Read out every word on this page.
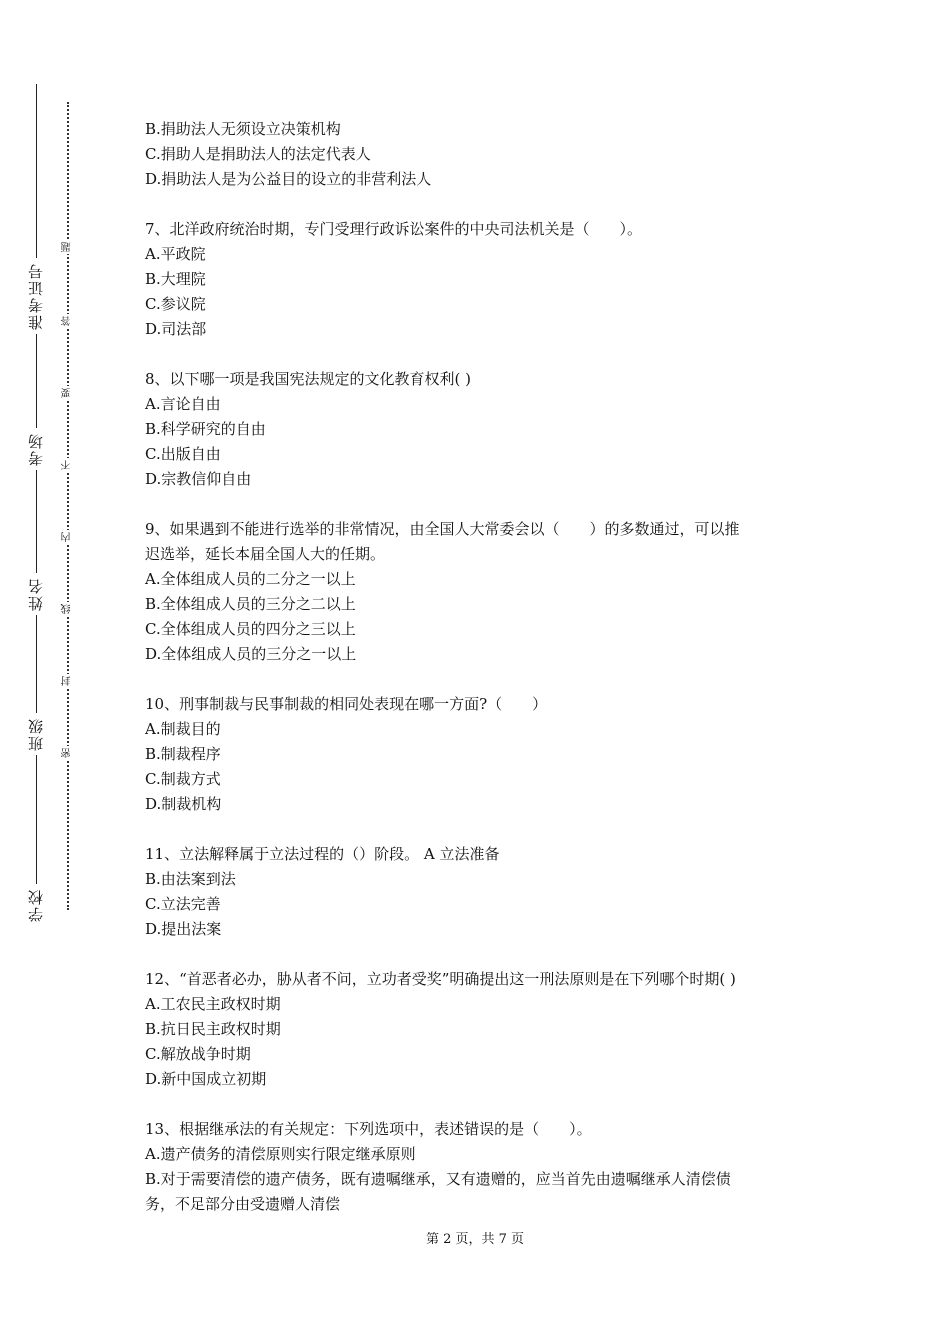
准考证号
考场
姓名
班级
学校
题
答
要
不
内
线
封
密
B.捐助法人无须设立决策机构
C.捐助人是捐助法人的法定代表人
D.捐助法人是为公益目的设立的非营利法人
7、北洋政府统治时期，专门受理行政诉讼案件的中央司法机关是（　　）。
A.平政院
B.大理院
C.参议院
D.司法部
8、以下哪一项是我国宪法规定的文化教育权利( )
A.言论自由
B.科学研究的自由
C.出版自由
D.宗教信仰自由
9、如果遇到不能进行选举的非常情况，由全国人大常委会以（　　）的多数通过，可以推
迟选举，延长本届全国人大的任期。
A.全体组成人员的二分之一以上
B.全体组成人员的三分之二以上
C.全体组成人员的四分之三以上
D.全体组成人员的三分之一以上
10、刑事制裁与民事制裁的相同处表现在哪一方面?（　　）
A.制裁目的
B.制裁程序
C.制裁方式
D.制裁机构
11、立法解释属于立法过程的（）阶段。 A 立法准备
B.由法案到法
C.立法完善
D.提出法案
12、“首恶者必办，胁从者不问，立功者受奖”明确提出这一刑法原则是在下列哪个时期( )
A.工农民主政权时期
B.抗日民主政权时期
C.解放战争时期
D.新中国成立初期
13、根据继承法的有关规定：下列选项中，表述错误的是（　　）。
A.遗产债务的清偿原则实行限定继承原则
B.对于需要清偿的遗产债务，既有遗嘱继承，又有遗赠的，应当首先由遗嘱继承人清偿债
务，不足部分由受遗赠人清偿
第 2 页，共 7 页
